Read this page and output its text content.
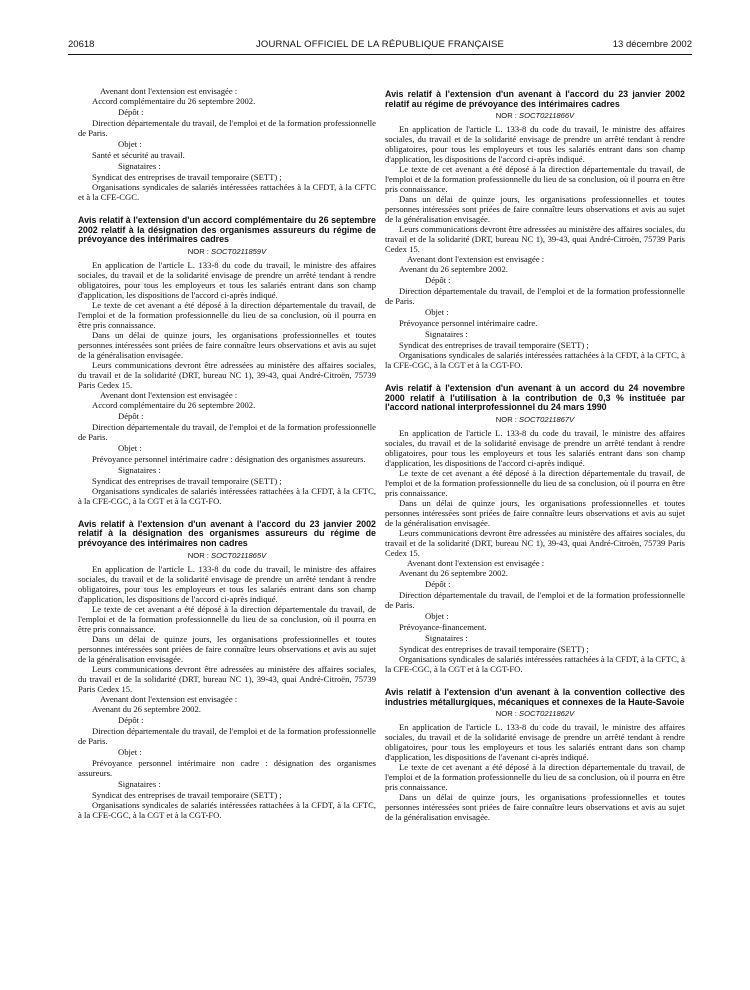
20618	JOURNAL OFFICIEL DE LA RÉPUBLIQUE FRANÇAISE	13 décembre 2002

Avenant dont l'extension est envisagée :

Accord complémentaire du 26 septembre 2002.

Dépôt :

Direction départementale du travail, de l'emploi et de la formation professionnelle de Paris.

Objet :

Santé et sécurité au travail.

Signataires :

Syndicat des entreprises de travail temporaire (SETT) ;

Organisations syndicales de salariés intéressées rattachées à la CFDT, à la CFTC et à la CFE-CGC.

Avis relatif à l'extension d'un accord complémentaire du 26 septembre 2002 relatif à la désignation des organismes assureurs du régime de prévoyance des intérimaires cadres

NOR : SOCT0211859V

En application de l'article L. 133-8 du code du travail, le ministre des affaires sociales, du travail et de la solidarité envisage de prendre un arrêté tendant à rendre obligatoires, pour tous les employeurs et tous les salariés entrant dans son champ d'application, les dispositions de l'accord ci-après indiqué.

Le texte de cet avenant a été déposé à la direction départementale du travail, de l'emploi et de la formation professionnelle du lieu de sa conclusion, où il pourra en être pris connaissance.

Dans un délai de quinze jours, les organisations professionnelles et toutes personnes intéressées sont priées de faire connaître leurs observations et avis au sujet de la généralisation envisagée.

Leurs communications devront être adressées au ministère des affaires sociales, du travail et de la solidarité (DRT, bureau NC 1), 39-43, quai André-Citroën, 75739 Paris Cedex 15.

Avenant dont l'extension est envisagée :

Accord complémentaire du 26 septembre 2002.

Dépôt :

Direction départementale du travail, de l'emploi et de la formation professionnelle de Paris.

Objet :

Prévoyance personnel intérimaire cadre : désignation des organismes assureurs.

Signataires :

Syndicat des entreprises de travail temporaire (SETT) ;

Organisations syndicales de salariés intéressées rattachées à la CFDT, à la CFTC, à la CFE-CGC, à la CGT et à la CGT-FO.

Avis relatif à l'extension d'un avenant à l'accord du 23 janvier 2002 relatif à la désignation des organismes assureurs du régime de prévoyance des intérimaires non cadres

NOR : SOCT0211865V

En application de l'article L. 133-8 du code du travail, le ministre des affaires sociales, du travail et de la solidarité envisage de prendre un arrêté tendant à rendre obligatoires, pour tous les employeurs et tous les salariés entrant dans son champ d'application, les dispositions de l'accord ci-après indiqué.

Le texte de cet avenant a été déposé à la direction départementale du travail, de l'emploi et de la formation professionnelle du lieu de sa conclusion, où il pourra en être pris connaissance.

Dans un délai de quinze jours, les organisations professionnelles et toutes personnes intéressées sont priées de faire connaître leurs observations et avis au sujet de la généralisation envisagée.

Leurs communications devront être adressées au ministère des affaires sociales, du travail et de la solidarité (DRT, bureau NC 1), 39-43, quai André-Citroën, 75739 Paris Cedex 15.

Avenant dont l'extension est envisagée :

Avenant du 26 septembre 2002.

Dépôt :

Direction départementale du travail, de l'emploi et de la formation professionnelle de Paris.

Objet :

Prévoyance personnel intérimaire non cadre : désignation des organismes assureurs.

Signataires :

Syndicat des entreprises de travail temporaire (SETT) ;

Organisations syndicales de salariés intéressées rattachées à la CFDT, à la CFTC, à la CFE-CGC, à la CGT et à la CGT-FO.

Avis relatif à l'extension d'un avenant à l'accord du 23 janvier 2002 relatif au régime de prévoyance des intérimaires cadres

NOR : SOCT0211866V

En application de l'article L. 133-8 du code du travail, le ministre des affaires sociales, du travail et de la solidarité envisage de prendre un arrêté tendant à rendre obligatoires, pour tous les employeurs et tous les salariés entrant dans son champ d'application, les dispositions de l'accord ci-après indiqué.

Le texte de cet avenant a été déposé à la direction départementale du travail, de l'emploi et de la formation professionnelle du lieu de sa conclusion, où il pourra en être pris connaissance.

Dans un délai de quinze jours, les organisations professionnelles et toutes personnes intéressées sont priées de faire connaître leurs observations et avis au sujet de la généralisation envisagée.

Leurs communications devront être adressées au ministère des affaires sociales, du travail et de la solidarité (DRT, bureau NC 1), 39-43, quai André-Citroën, 75739 Paris Cedex 15.

Avenant dont l'extension est envisagée :

Avenant du 26 septembre 2002.

Dépôt :

Direction départementale du travail, de l'emploi et de la formation professionnelle de Paris.

Objet :

Prévoyance personnel intérimaire cadre.

Signataires :

Syndicat des entreprises de travail temporaire (SETT) ;

Organisations syndicales de salariés intéressées rattachées à la CFDT, à la CFTC, à la CFE-CGC, à la CGT et à la CGT-FO.

Avis relatif à l'extension d'un avenant à un accord du 24 novembre 2000 relatif à l'utilisation à la contribution de 0,3 % instituée par l'accord national interprofessionnel du 24 mars 1990

NOR : SOCT0211867V

En application de l'article L. 133-8 du code du travail, le ministre des affaires sociales, du travail et de la solidarité envisage de prendre un arrêté tendant à rendre obligatoires, pour tous les employeurs et tous les salariés entrant dans son champ d'application, les dispositions de l'accord ci-après indiqué.

Le texte de cet avenant a été déposé à la direction départementale du travail, de l'emploi et de la formation professionnelle du lieu de sa conclusion, où il pourra en être pris connaissance.

Dans un délai de quinze jours, les organisations professionnelles et toutes personnes intéressées sont priées de faire connaître leurs observations et avis au sujet de la généralisation envisagée.

Leurs communications devront être adressées au ministère des affaires sociales, du travail et de la solidarité (DRT, bureau NC 1), 39-43, quai André-Citroën, 75739 Paris Cedex 15.

Avenant dont l'extension est envisagée :

Avenant du 26 septembre 2002.

Dépôt :

Direction départementale du travail, de l'emploi et de la formation professionnelle de Paris.

Objet :

Prévoyance-financement.

Signataires :

Syndicat des entreprises de travail temporaire (SETT) ;

Organisations syndicales de salariés intéressées rattachées à la CFDT, à la CFTC, à la CFE-CGC, à la CGT et à la CGT-FO.

Avis relatif à l'extension d'un avenant à la convention collective des industries métallurgiques, mécaniques et connexes de la Haute-Savoie

NOR : SOCT0211862V

En application de l'article L. 133-8 du code du travail, le ministre des affaires sociales, du travail et de la solidarité envisage de prendre un arrêté tendant à rendre obligatoires, pour tous les employeurs et tous les salariés entrant dans son champ d'application, les dispositions de l'avenant ci-après indiqué.

Le texte de cet avenant a été déposé à la direction départementale du travail, de l'emploi et de la formation professionnelle du lieu de sa conclusion, où il pourra en être pris connaissance.

Dans un délai de quinze jours, les organisations professionnelles et toutes personnes intéressées sont priées de faire connaître leurs observations et avis au sujet de la généralisation envisagée.
